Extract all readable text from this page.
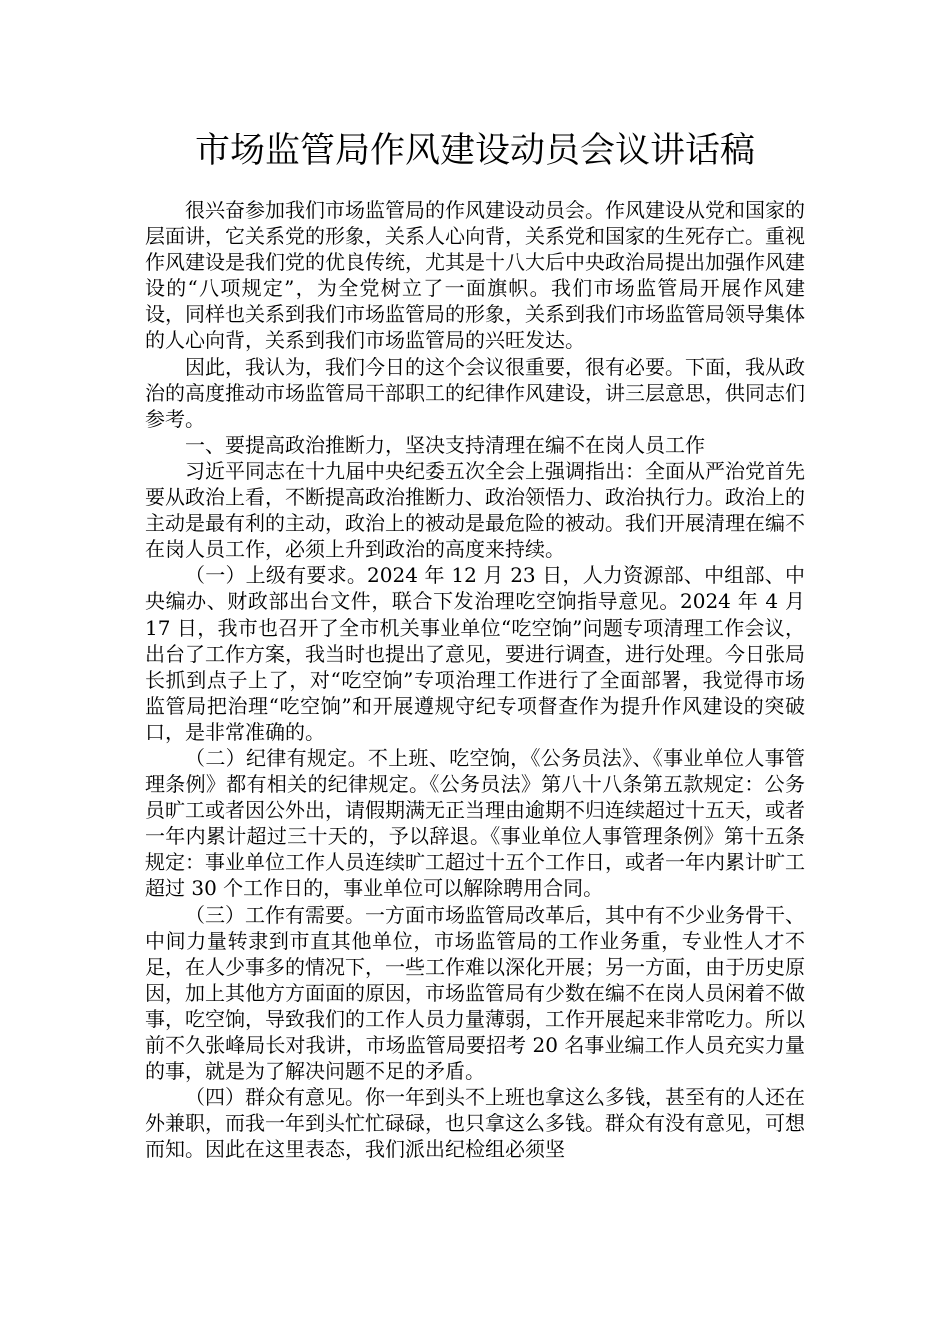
市场监管局作风建设动员会议讲话稿

很兴奋参加我们市场监管局的作风建设动员会。作风建设从党和国家的层面讲，它关系党的形象，关系人心向背，关系党和国家的生死存亡。重视作风建设是我们党的优良传统，尤其是十八大后中央政治局提出加强作风建设的“八项规定”，为全党树立了一面旗帜。我们市场监管局开展作风建设，同样也关系到我们市场监管局的形象，关系到我们市场监管局领导集体的人心向背，关系到我们市场监管局的兴旺发达。

因此，我认为，我们今日的这个会议很重要，很有必要。下面，我从政治的高度推动市场监管局干部职工的纪律作风建设，讲三层意思，供同志们参考。

一、要提高政治推断力，坚决支持清理在编不在岗人员工作

习近平同志在十九届中央纪委五次全会上强调指出：全面从严治党首先要从政治上看，不断提高政治推断力、政治领悟力、政治执行力。政治上的主动是最有利的主动，政治上的被动是最危险的被动。我们开展清理在编不在岗人员工作，必须上升到政治的高度来持续。

（一）上级有要求。2024 年 12 月 23 日，人力资源部、中组部、中央编办、财政部出台文件，联合下发治理吃空饷指导意见。2024 年 4 月 17 日，我市也召开了全市机关事业单位“吃空饷”问题专项清理工作会议，出台了工作方案，我当时也提出了意见，要进行调查，进行处理。今日张局长抓到点子上了，对“吃空饷”专项治理工作进行了全面部署，我觉得市场监管局把治理“吃空饷”和开展遵规守纪专项督查作为提升作风建设的突破口，是非常准确的。

（二）纪律有规定。不上班、吃空饷，《公务员法》、《事业单位人事管理条例》都有相关的纪律规定。《公务员法》第八十八条第五款规定：公务员旷工或者因公外出，请假期满无正当理由逾期不归连续超过十五天，或者一年内累计超过三十天的，予以辞退。《事业单位人事管理条例》第十五条规定：事业单位工作人员连续旷工超过十五个工作日，或者一年内累计旷工超过 30 个工作日的，事业单位可以解除聘用合同。

（三）工作有需要。一方面市场监管局改革后，其中有不少业务骨干、中间力量转隶到市直其他单位，市场监管局的工作业务重，专业性人才不足，在人少事多的情况下，一些工作难以深化开展；另一方面，由于历史原因，加上其他方方面面的原因，市场监管局有少数在编不在岗人员闲着不做事，吃空饷，导致我们的工作人员力量薄弱，工作开展起来非常吃力。所以前不久张峰局长对我讲，市场监管局要招考 20 名事业编工作人员充实力量的事，就是为了解决问题不足的矛盾。

（四）群众有意见。你一年到头不上班也拿这么多钱，甚至有的人还在外兼职，而我一年到头忙忙碌碌，也只拿这么多钱。群众有没有意见，可想而知。因此在这里表态，我们派出纪检组必须坚
